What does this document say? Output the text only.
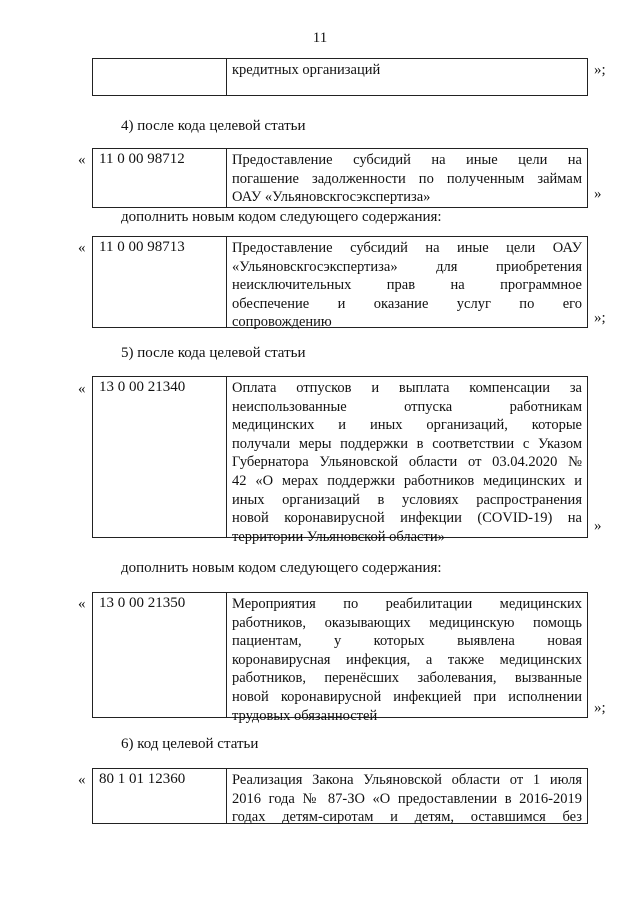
11
кредитных организаций	»;
4) после кода целевой статьи
« 11 0 00 98712	Предоставление субсидий на иные цели на
погашение задолженности по полученным займам
ОАУ «Ульяновскгосэкспертиза»	»
дополнить новым кодом следующего содержания:
« 11 0 00 98713	Предоставление субсидий на иные цели ОАУ
«Ульяновскгосэкспертиза» для приобретения
неисключительных прав на программное
обеспечение и оказание услуг по его
сопровождению	»;
5) после кода целевой статьи
« 13 0 00 21340	Оплата отпусков и выплата компенсации за
неиспользованные отпуска работникам
медицинских и иных организаций, которые
получали меры поддержки в соответствии с Указом
Губернатора Ульяновской области от 03.04.2020 №
42 «О мерах поддержки работников медицинских и
иных организаций в условиях распространения
новой коронавирусной инфекции (COVID-19) на
территории Ульяновской области»
»
дополнить новым кодом следующего содержания:
« 13 0 00 21350	Мероприятия по реабилитации медицинских
работников, оказывающих медицинскую помощь
пациентам, у которых выявлена новая
коронавирусная инфекция, а также медицинских
работников, перенёсших заболевания, вызванные
новой коронавирусной инфекцией при исполнении
трудовых обязанностей	»;
6) код целевой статьи
« 80 1 01 12360	Реализация Закона Ульяновской области от 1 июля
2016 года № 87-ЗО «О предоставлении в 2016-2019
годах детям-сиротам и детям, оставшимся без
